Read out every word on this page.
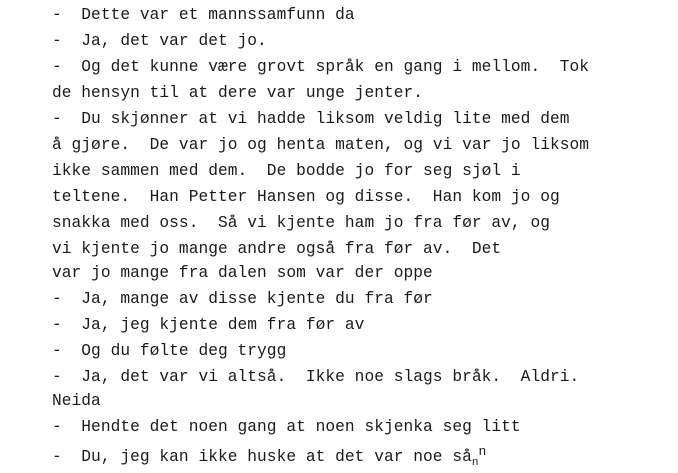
-  Dette var et mannssamfunn da
-  Ja, det var det jo.
-  Og det kunne være grovt språk en gang i mellom.  Tok
de hensyn til at dere var unge jenter.
-  Du skjønner at vi hadde liksom veldig lite med dem
å gjøre.  De var jo og henta maten, og vi var jo liksom
ikke sammen med dem.  De bodde jo for seg sjøl i
teltene.  Han Petter Hansen og disse.  Han kom jo og
snakka med oss.  Så vi kjente ham jo fra før av, og
vi kjente jo mange andre også fra før av.  Det
var jo mange fra dalen som var der oppe
-  Ja, mange av disse kjente du fra før
-  Ja, jeg kjente dem fra før av
-  Og du følte deg trygg
-  Ja, det var vi altså.  Ikke noe slags bråk.  Aldri.
Neida
-  Hendte det noen gang at noen skjenka seg litt
-  Du, jeg kan ikke huske at det var noe $så_n^n$
